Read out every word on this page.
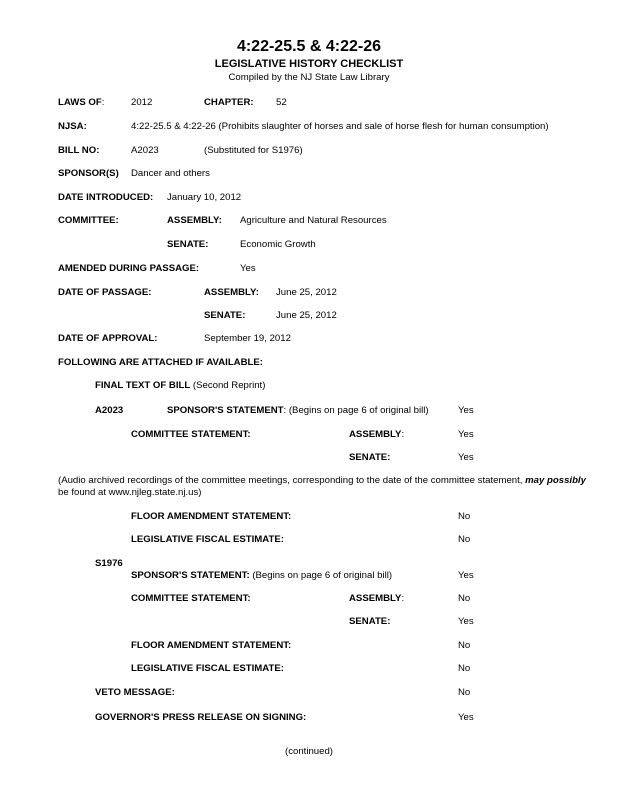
4:22-25.5 & 4:22-26
LEGISLATIVE HISTORY CHECKLIST
Compiled by the NJ State Law Library
LAWS OF:	2012	CHAPTER: 52
NJSA:	4:22-25.5 & 4:22-26 (Prohibits slaughter of horses and sale of horse flesh for human consumption)
BILL NO:	A2023	(Substituted for S1976)
SPONSOR(S) Dancer and others
DATE INTRODUCED: January 10, 2012
COMMITTEE:	ASSEMBLY: Agriculture and Natural Resources
SENATE:	Economic Growth
AMENDED DURING PASSAGE:	Yes
DATE OF PASSAGE:	ASSEMBLY: June 25, 2012
SENATE:	June 25, 2012
DATE OF APPROVAL:	September 19, 2012
FOLLOWING ARE ATTACHED IF AVAILABLE:
FINAL TEXT OF BILL (Second Reprint)
A2023	SPONSOR'S STATEMENT: (Begins on page 6 of original bill)	Yes
COMMITTEE STATEMENT:	ASSEMBLY:	Yes
SENATE:	Yes
(Audio archived recordings of the committee meetings, corresponding to the date of the committee statement, may possibly
be found at www.njleg.state.nj.us)
FLOOR AMENDMENT STATEMENT:	No
LEGISLATIVE FISCAL ESTIMATE:	No
S1976
SPONSOR'S STATEMENT: (Begins on page 6 of original bill)	Yes
COMMITTEE STATEMENT:	ASSEMBLY:	No
SENATE:	Yes
FLOOR AMENDMENT STATEMENT:	No
LEGISLATIVE FISCAL ESTIMATE:	No
VETO MESSAGE:	No
GOVERNOR'S PRESS RELEASE ON SIGNING:	Yes
(continued)
